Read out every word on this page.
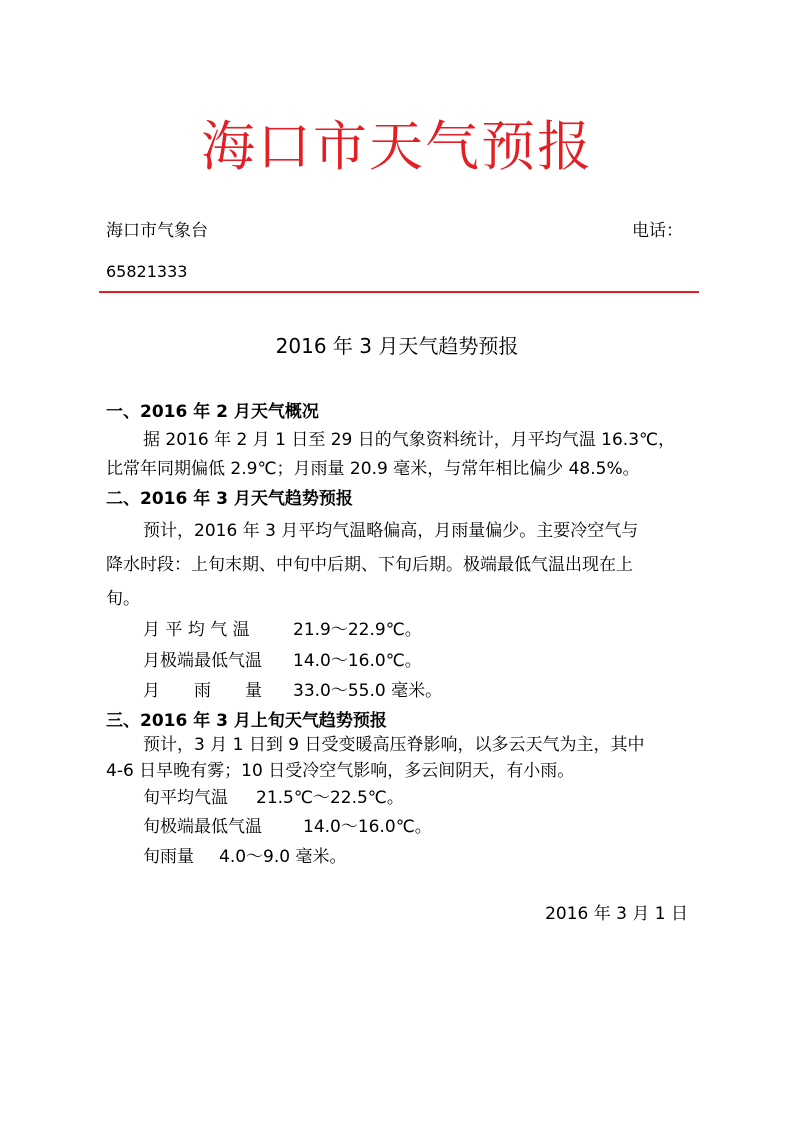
海口市天气预报
海口市气象台	电话：
65821333
2016 年 3 月天气趋势预报
一、2016 年 2 月天气概况
据 2016 年 2 月 1 日至 29 日的气象资料统计，月平均气温 16.3℃，
比常年同期偏低 2.9℃；月雨量 20.9 毫米，与常年相比偏少 48.5%。
二、2016 年 3 月天气趋势预报
预计，2016 年 3 月平均气温略偏高，月雨量偏少。主要冷空气与
降水时段：上旬末期、中旬中后期、下旬后期。极端最低气温出现在上
旬。
月 平 均 气 温	21.9～22.9℃。
月极端最低气温 14.0～16.0℃。
月　　雨　　量 33.0～55.0 毫米。
三、2016 年 3 月上旬天气趋势预报
预计，3 月 1 日到 9 日受变暖高压脊影响，以多云天气为主，其中
4-6 日早晚有雾；10 日受冷空气影响，多云间阴天，有小雨。
旬平均气温 21.5℃～22.5℃。
旬极端最低气温 14.0～16.0℃。
旬雨量 4.0～9.0 毫米。
2016 年 3 月 1 日
